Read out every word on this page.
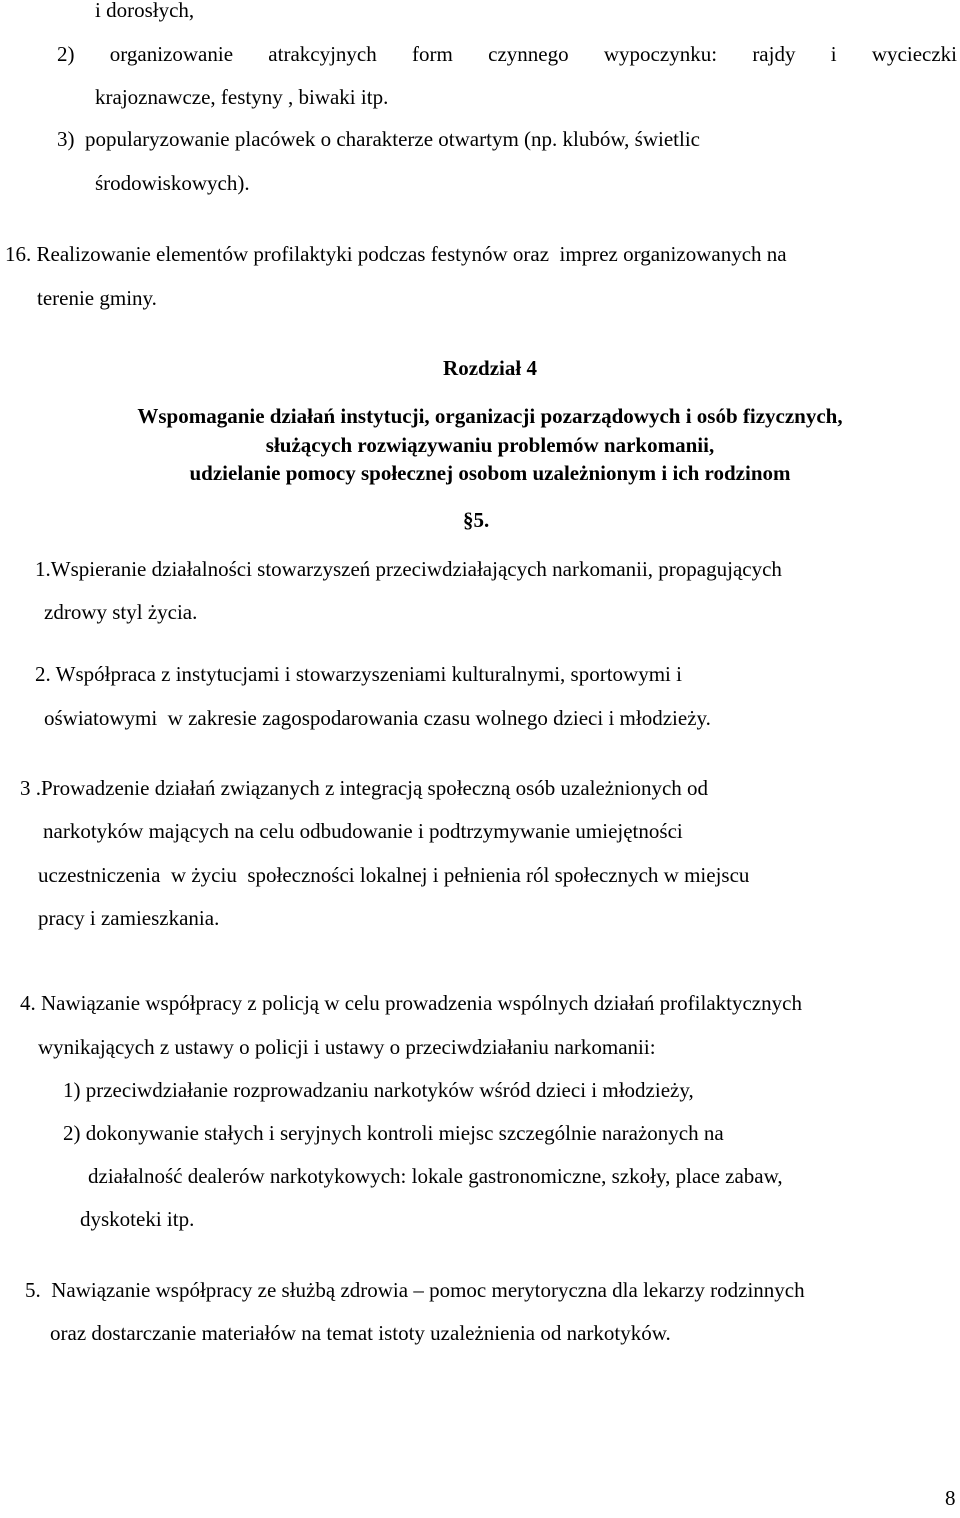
i dorosłych,

2) organizowanie atrakcyjnych form czynnego wypoczynku: rajdy i wycieczki

krajoznawcze, festyny , biwaki itp.

3)  popularyzowanie placówek o charakterze otwartym (np. klubów, świetlic

środowiskowych).

16. Realizowanie elementów profilaktyki podczas festynów oraz  imprez organizowanych na

terenie gminy.

Rozdział 4

Wspomaganie działań instytucji, organizacji pozarządowych i osób fizycznych,

służących rozwiązywaniu problemów narkomanii,

udzielanie pomocy społecznej osobom uzależnionym i ich rodzinom

§5.

1.Wspieranie działalności stowarzyszeń przeciwdziałających narkomanii, propagujących

zdrowy styl życia.

2. Współpraca z instytucjami i stowarzyszeniami kulturalnymi, sportowymi i

oświatowymi  w zakresie zagospodarowania czasu wolnego dzieci i młodzieży.

3 .Prowadzenie działań związanych z integracją społeczną osób uzależnionych od

narkotyków mających na celu odbudowanie i podtrzymywanie umiejętności

uczestniczenia  w życiu  społeczności lokalnej i pełnienia ról społecznych w miejscu

pracy i zamieszkania.

4. Nawiązanie współpracy z policją w celu prowadzenia wspólnych działań profilaktycznych

wynikających z ustawy o policji i ustawy o przeciwdziałaniu narkomanii:

1) przeciwdziałanie rozprowadzaniu narkotyków wśród dzieci i młodzieży,

2) dokonywanie stałych i seryjnych kontroli miejsc szczególnie narażonych na

działalność dealerów narkotykowych: lokale gastronomiczne, szkoły, place zabaw,

dyskoteki itp.

5.  Nawiązanie współpracy ze służbą zdrowia – pomoc merytoryczna dla lekarzy rodzinnych

oraz dostarczanie materiałów na temat istoty uzależnienia od narkotyków.

8
